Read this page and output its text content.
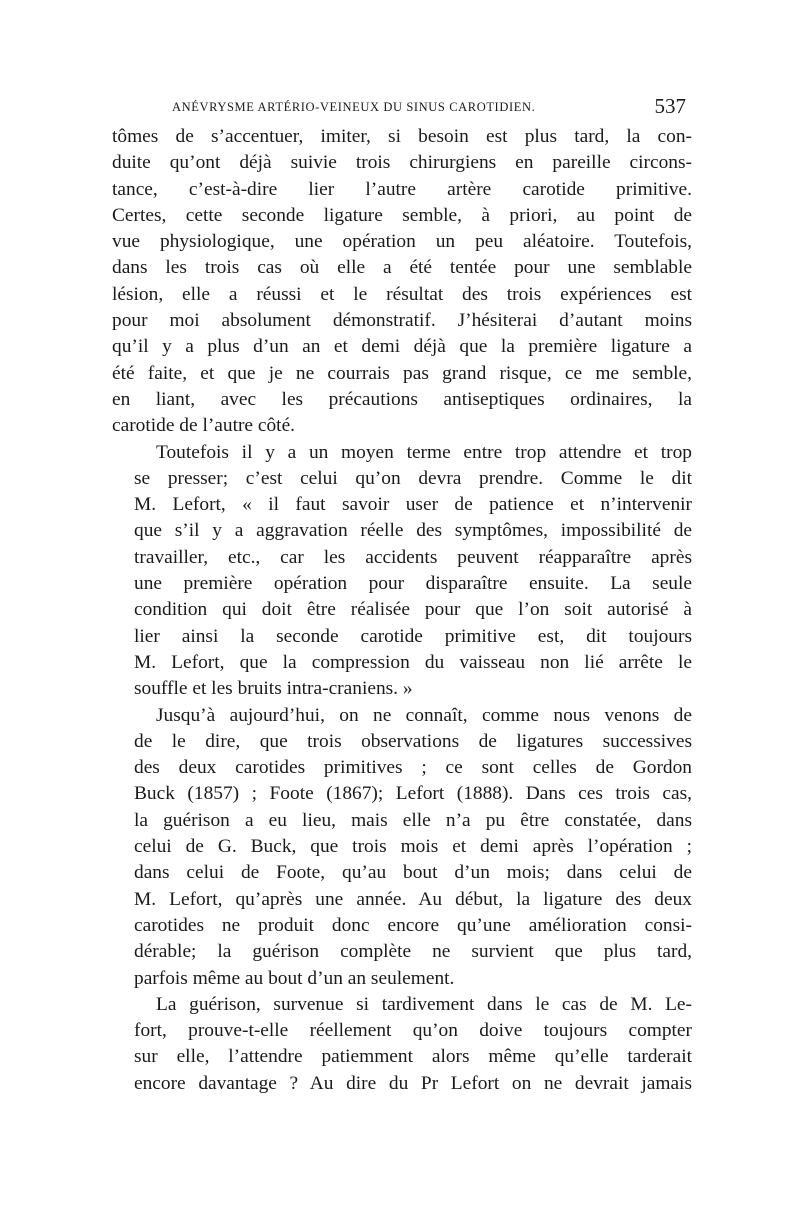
ANÉVRYSME ARTÉRIO-VEINEUX DU SINUS CAROTIDIEN.	537

tômes de s’accentuer, imiter, si besoin est plus tard, la con-
duite qu’ont déjà suivie trois chirurgiens en pareille circons-
tance, c’est-à-dire lier l’autre artère carotide primitive.
Certes, cette seconde ligature semble, à priori, au point de
vue physiologique, une opération un peu aléatoire. Toutefois,
dans les trois cas où elle a été tentée pour une semblable
lésion, elle a réussi et le résultat des trois expériences est
pour moi absolument démonstratif. J’hésiterai d’autant moins
qu’il y a plus d’un an et demi déjà que la première ligature a
été faite, et que je ne courrais pas grand risque, ce me semble,
en liant, avec les précautions antiseptiques ordinaires, la
carotide de l’autre côté.

Toutefois il y a un moyen terme entre trop attendre et trop
se presser; c’est celui qu’on devra prendre. Comme le dit
M. Lefort, « il faut savoir user de patience et n’intervenir
que s’il y a aggravation réelle des symptômes, impossibilité de
travailler, etc., car les accidents peuvent réapparaître après
une première opération pour disparaître ensuite. La seule
condition qui doit être réalisée pour que l’on soit autorisé à
lier ainsi la seconde carotide primitive est, dit toujours
M. Lefort, que la compression du vaisseau non lié arrête le
souffle et les bruits intra-craniens. »

Jusqu’à aujourd’hui, on ne connaît, comme nous venons de
de le dire, que trois observations de ligatures successives
des deux carotides primitives ; ce sont celles de Gordon
Buck (1857) ; Foote (1867); Lefort (1888). Dans ces trois cas,
la guérison a eu lieu, mais elle n’a pu être constatée, dans
celui de G. Buck, que trois mois et demi après l’opération ;
dans celui de Foote, qu’au bout d’un mois; dans celui de
M. Lefort, qu’après une année. Au début, la ligature des deux
carotides ne produit donc encore qu’une amélioration consi-
dérable; la guérison complète ne survient que plus tard,
parfois même au bout d’un an seulement.

La guérison, survenue si tardivement dans le cas de M. Le-
fort, prouve-t-elle réellement qu’on doive toujours compter
sur elle, l’attendre patiemment alors même qu’elle tarderait
encore davantage ? Au dire du Pr Lefort on ne devrait jamais
